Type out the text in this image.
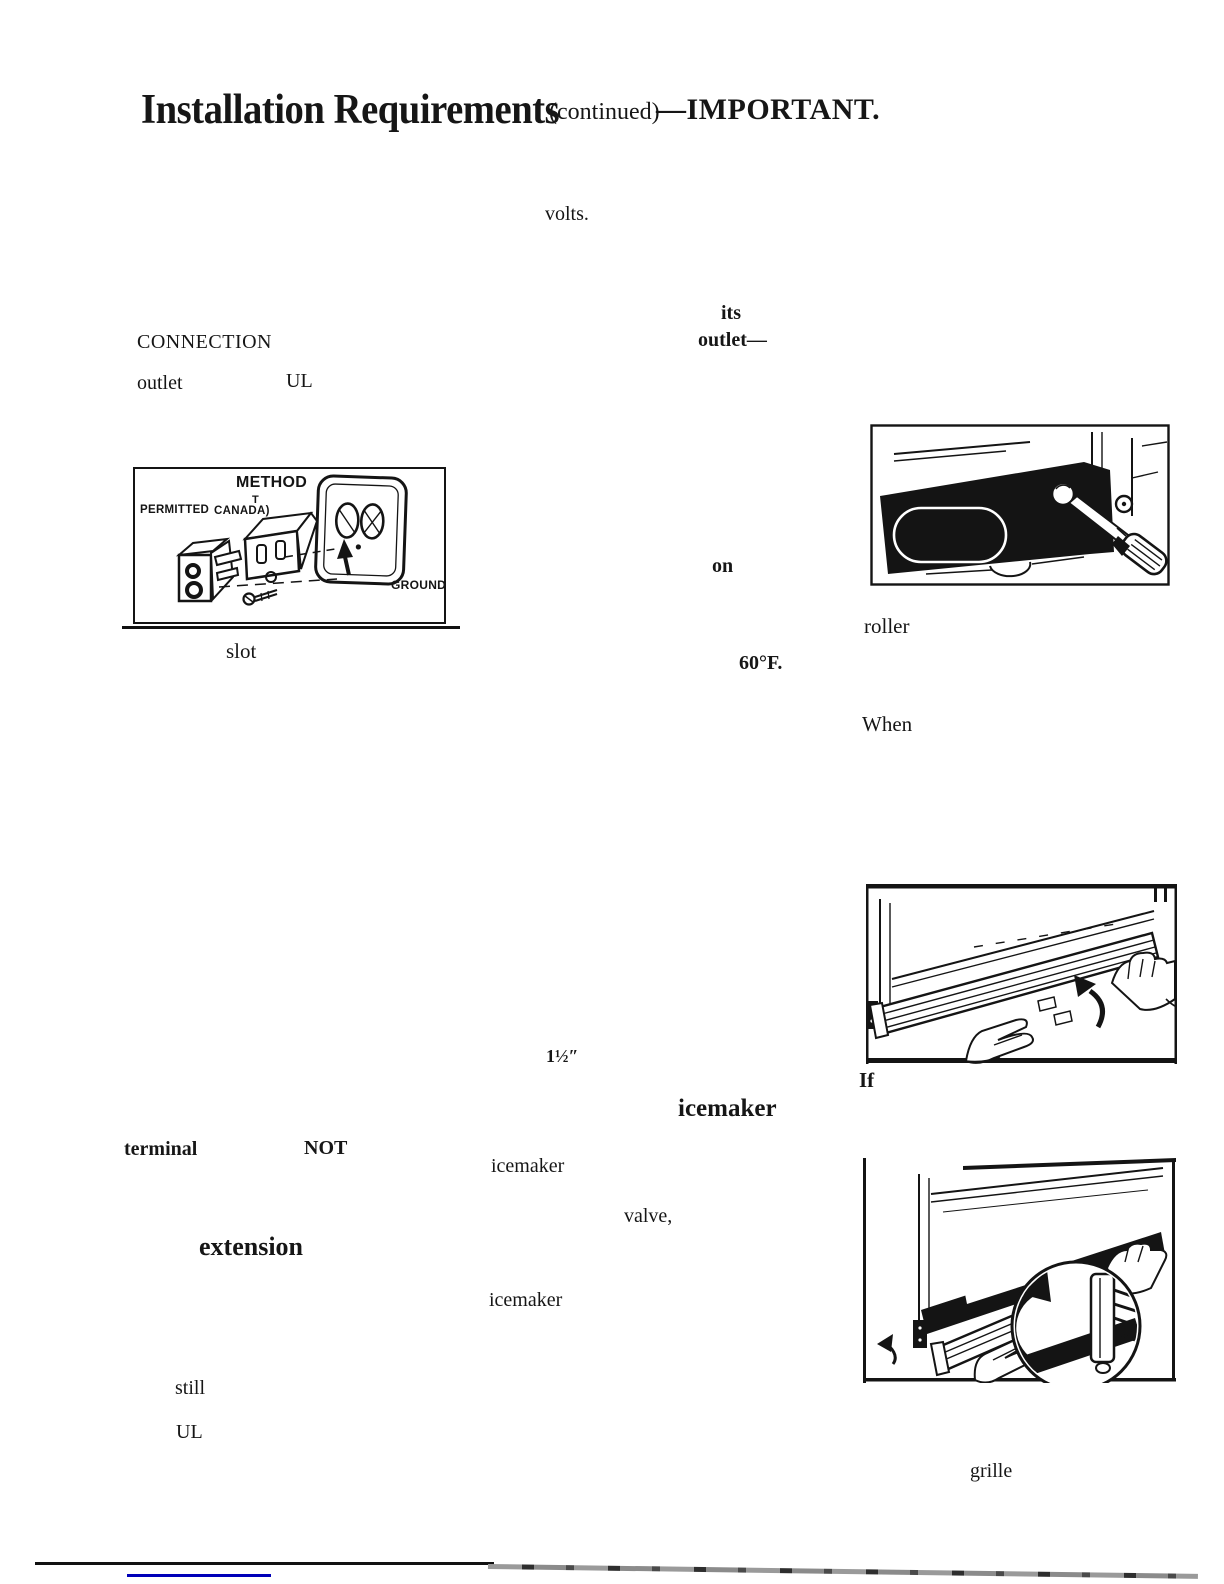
Installation Requirements
(continued)
—IMPORTANT.
volts.
its
outlet—
CONNECTION
outlet	UL
slot
on
roller
60°F.
When
1½″
If
icemaker
terminal	NOT
icemaker
valve,
extension
icemaker
still
UL
grille
METHOD
T
PERMITTED CANADA)
GROUND
